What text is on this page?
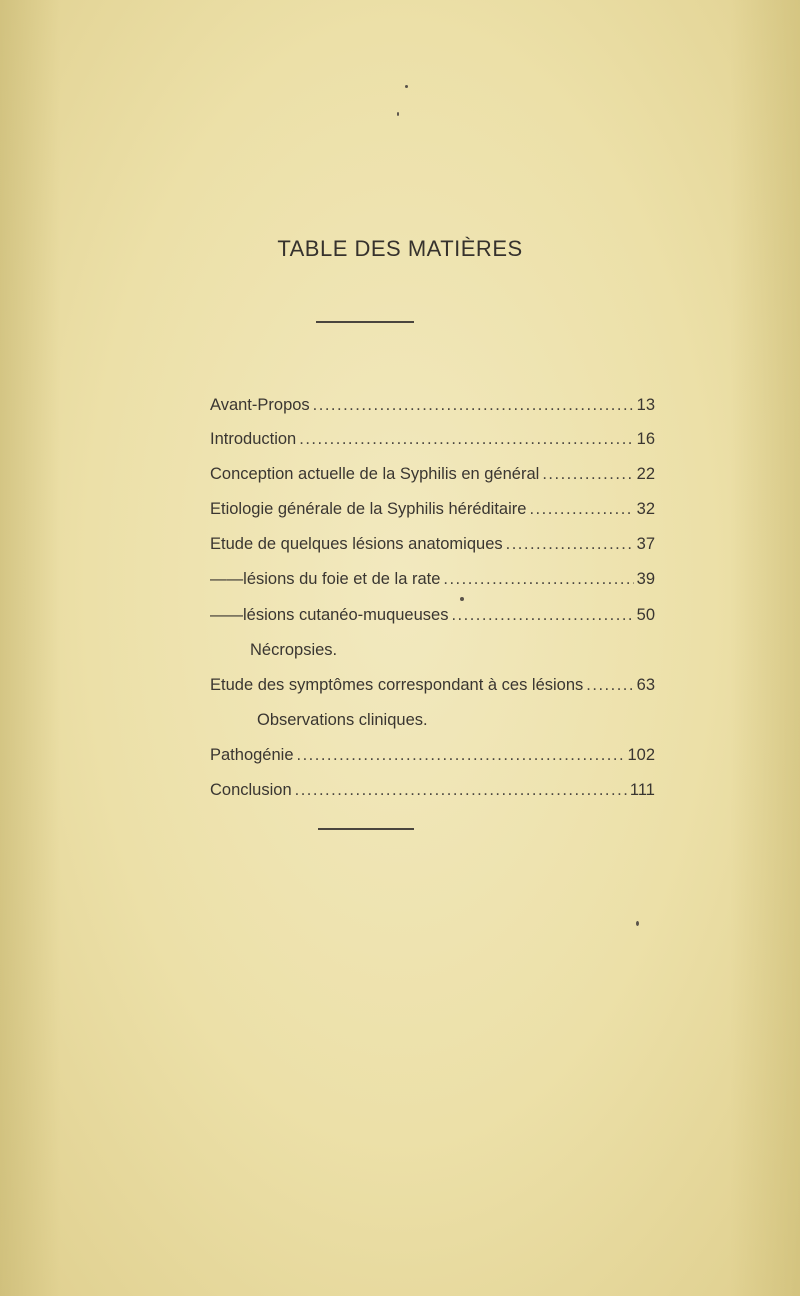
TABLE DES MATIÈRES
Avant-Propos .....	13
Introduction .....	16
Conception actuelle de la Syphilis en général .....	22
Etiologie générale de la Syphilis héréditaire .....	32
Etude de quelques lésions anatomiques .....	37
— — lésions du foie et de la rate .....	39
— — lésions cutanéo-muqueuses .....	50
Nécropsies.
Etude des symptômes correspondant à ces lésions .....	63
Observations cliniques.
Pathogénie .....	102
Conclusion .....	111
